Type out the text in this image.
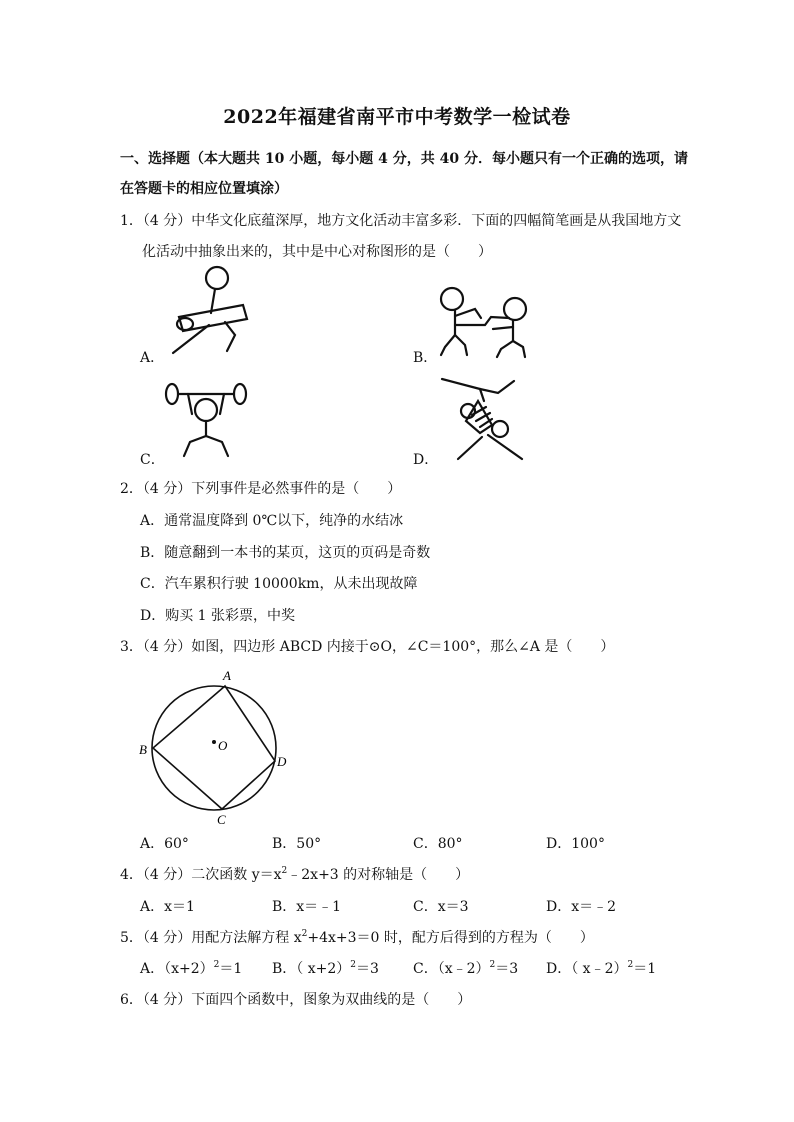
2022年福建省南平市中考数学一检试卷
一、选择题（本大题共 10 小题，每小题 4 分，共 40 分．每小题只有一个正确的选项，请
在答题卡的相应位置填涂）
1．（4 分）中华文化底蕴深厚，地方文化活动丰富多彩．下面的四幅简笔画是从我国地方文
化活动中抽象出来的，其中是中心对称图形的是（　　）
A．	B．
C．	D．
2．（4 分）下列事件是必然事件的是（　　）
A．通常温度降到 0℃以下，纯净的水结冰
B．随意翻到一本书的某页，这页的页码是奇数
C．汽车累积行驶 10000km，从未出现故障
D．购买 1 张彩票，中奖
3．（4 分）如图，四边形 ABCD 内接于⊙O，∠C＝100°，那么∠A 是（　　）
A
B
C
D
O
A．60°	B．50°	C．80°	D．100°
4．（4 分）二次函数 $y=x^2﹣2x+3$ 的对称轴是（　　）
A．x＝1	B．x＝﹣1	C．x＝3	D．x＝﹣2
5．（4 分）用配方法解方程 $x^2+4x+3=0$ 时，配方后得到的方程为（　　）
A．$(x+2)^2=1$ B．（ x+2）$^2$＝3 C．（x﹣2）$^2$＝3 D．（ x﹣2）$^2$＝1
6．（4 分）下面四个函数中，图象为双曲线的是（　　）
